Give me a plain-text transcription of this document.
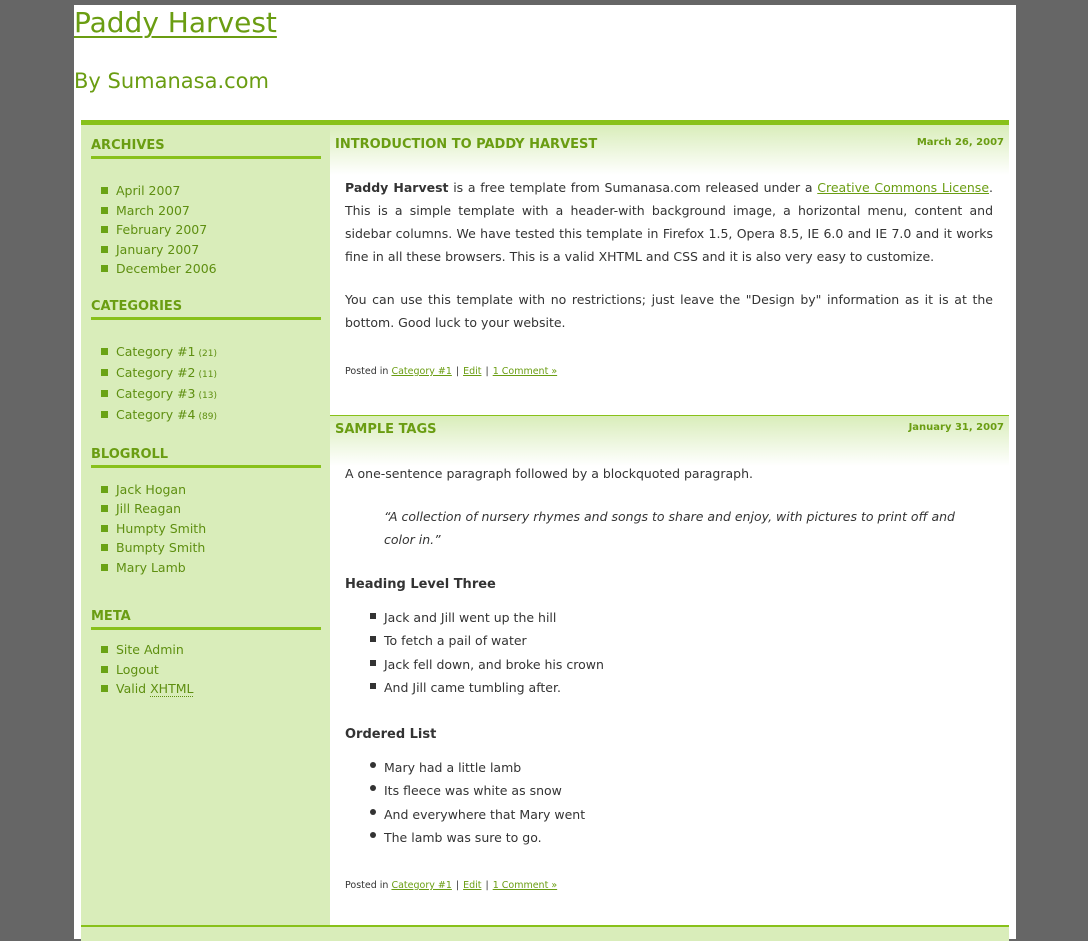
Paddy Harvest
By Sumanasa.com
ARCHIVES
April 2007
March 2007
February 2007
January 2007
December 2006
CATEGORIES
Category #1 (21)
Category #2 (11)
Category #3 (13)
Category #4 (89)
BLOGROLL
Jack Hogan
Jill Reagan
Humpty Smith
Bumpty Smith
Mary Lamb
META
Site Admin
Logout
Valid XHTML
INTRODUCTION TO PADDY HARVEST	March 26, 2007

Paddy Harvest is a free template from Sumanasa.com released under a Creative Commons License. This is a simple template with a header-with background image, a horizontal menu, content and sidebar columns. We have tested this template in Firefox 1.5, Opera 8.5, IE 6.0 and IE 7.0 and it works fine in all these browsers. This is a valid XHTML and CSS and it is also very easy to customize.

You can use this template with no restrictions; just leave the "Design by" information as it is at the bottom. Good luck to your website.

Posted in Category #1 | Edit | 1 Comment »
SAMPLE TAGS	January 31, 2007

A one-sentence paragraph followed by a blockquoted paragraph.

“A collection of nursery rhymes and songs to share and enjoy, with pictures to print off and color in.”
Heading Level Three
Jack and Jill went up the hill
To fetch a pail of water
Jack fell down, and broke his crown
And Jill came tumbling after.
Ordered List
Mary had a little lamb
Its fleece was white as snow
And everywhere that Mary went
The lamb was sure to go.
Posted in Category #1 | Edit | 1 Comment »
